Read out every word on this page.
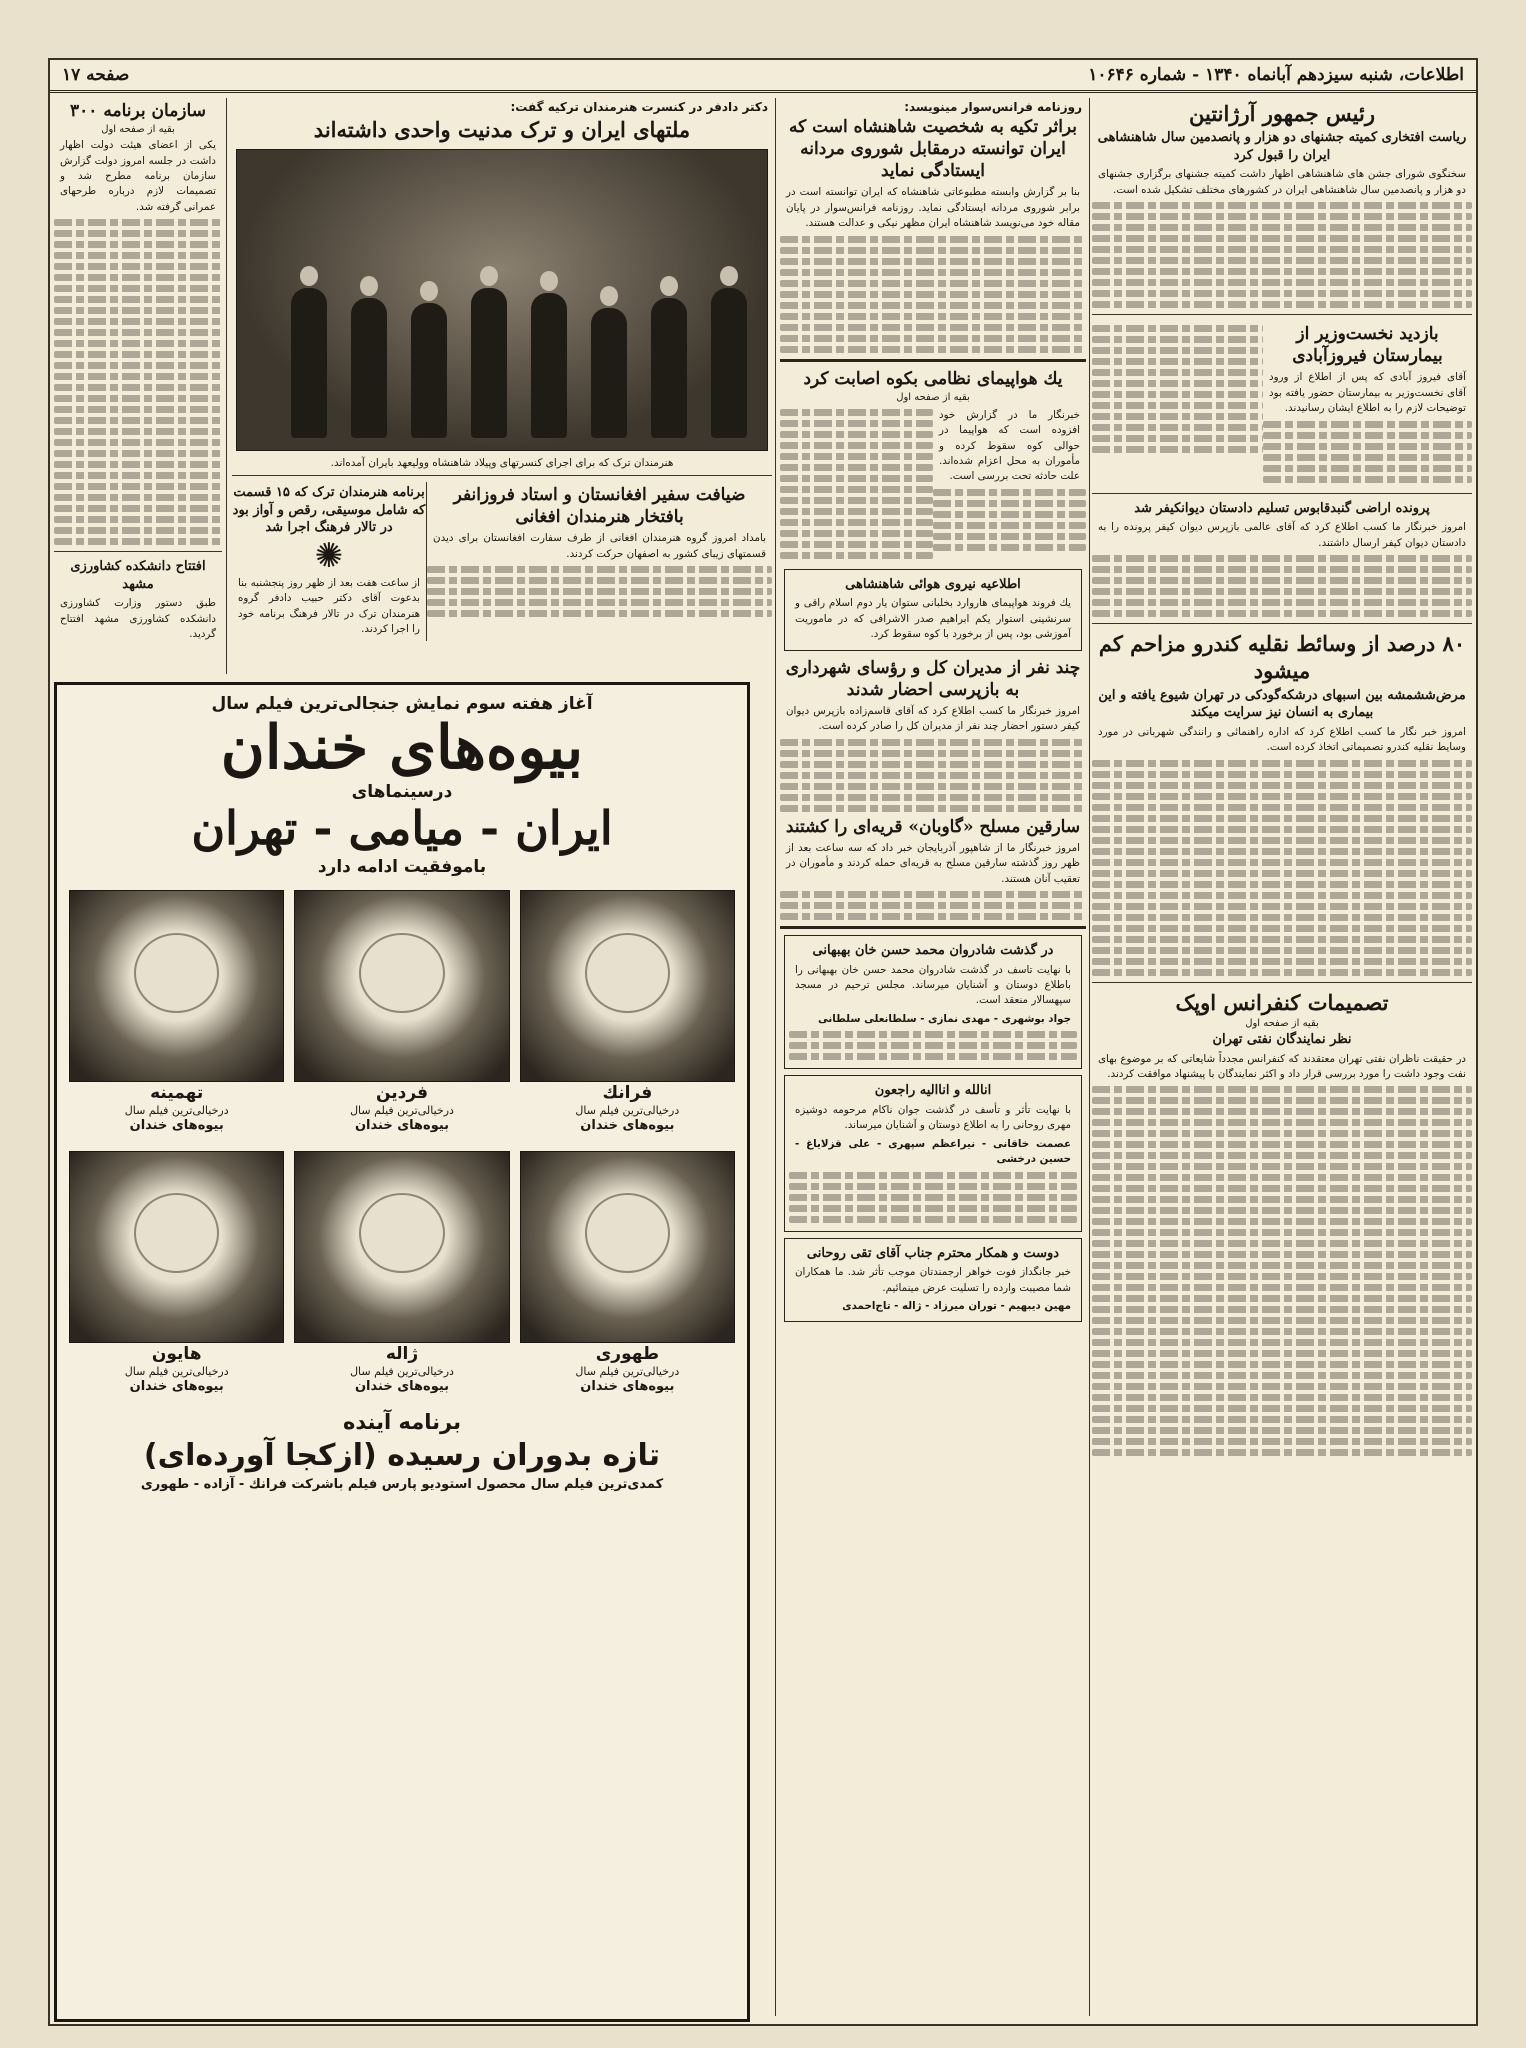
اطلاعات، شنبه سیزدهم آبانماه ۱۳۴۰ - شماره ۱۰۶۴۶
صفحه ۱۷
رئیس جمهور آرژانتین
ریاست افتخاری کمیته جشنهای دو هزار و پانصدمین سال شاهنشاهی ایران را قبول کرد

سخنگوی شورای جشن های شاهنشاهی اظهار داشت کمیته جشنهای برگزاری جشنهای دو هزار و پانصدمین سال شاهنشاهی ایران در کشورهای مختلف تشکیل شده است.

بازدید نخست‌وزیر از بیمارستان فیروزآبادی

آقای فیروز آبادی که پس از اطلاع از ورود آقای نخست‌وزیر به بیمارستان حضور یافته بود توضیحات لازم را به اطلاع ایشان رسانیدند.

پرونده اراضی گنبدقابوس تسلیم دادستان دیوانکیفر شد

امروز خبرنگار ما کسب اطلاع کرد که آقای عالمی بازپرس دیوان کیفر پرونده را به دادستان دیوان کیفر ارسال داشتند.

۸۰ درصد از وسائط نقلیه کندرو مزاحم کم میشود
مرض‌ششمشه بین اسبهای درشکه‌گودکی در تهران شیوع یافته و این بیماری به انسان نیز سرایت میکند

امروز خبر نگار ما کسب اطلاع کرد که اداره راهنمائی و رانندگی شهربانی در مورد وسایط نقلیه کندرو تصمیماتی اتخاذ کرده است.

تصمیمات کنفرانس اوپک

بقیه از صفحه اول

نظر نمایندگان نفتی تهران

در حقیقت ناظران نفتی تهران معتقدند که کنفرانس مجدداً شایعاتی که بر موضوع بهای نفت وجود داشت را مورد بررسی قرار داد و اکثر نمایندگان با پیشنهاد موافقت کردند.

روزنامه فرانس‌سوار مینویسد:

براثر تکیه به شخصیت شاهنشاه است که ایران توانسته درمقابل شوروی مردانه ایستادگی نماید

بنا بر گزارش وابسته مطبوعاتی شاهنشاه که ایران توانسته است در برابر شوروی مردانه ایستادگی نماید. روزنامه فرانس‌سوار در پایان مقاله خود می‌نویسد شاهنشاه ایران مظهر نیکی و عدالت هستند.

یك هواپیمای نظامی بکوه اصابت کرد

بقیه از صفحه اول

خبرنگار ما در گزارش خود افزوده است که هواپیما در حوالی کوه سقوط کرده و مأموران به محل اعزام شده‌اند. علت حادثه تحت بررسی است.

اطلاعیه نیروی هوائی شاهنشاهی

یك فروند هواپیمای هاروارد بخلبانی ستوان یار دوم اسلام راقی و سرنشینی استوار یکم ابراهیم صدر الاشرافی که در ماموریت آموزشی بود، پس از برخورد با کوه سقوط کرد.

چند نفر از مدیران کل و رؤسای شهرداری به بازپرسی احضار شدند

امروز خبرنگار ما کسب اطلاع کرد که آقای قاسم‌زاده بازپرس دیوان کیفر دستور احضار چند نفر از مدیران کل را صادر کرده است.

سارقین مسلح «گاوبان» قریه‌ای را کشتند

امروز خبرنگار ما از شاهپور آذربایجان خبر داد که سه ساعت بعد از ظهر روز گذشته سارقین مسلح به قریه‌ای حمله کردند و مأموران در تعقیب آنان هستند.

در گذشت شادروان محمد حسن خان بهبهانی

با نهایت تاسف در گذشت شادروان محمد حسن خان بهبهانی را باطلاع دوستان و آشنایان میرساند. مجلس ترحیم در مسجد سپهسالار منعقد است.

جواد بوشهری - مهدی نمازی - سلطانعلی سلطانی

انالله و اناالیه راجعون

با نهایت تأثر و تأسف در گذشت جوان ناکام مرحومه دوشیزه مهری روحانی را به اطلاع دوستان و آشنایان میرساند.

عصمت خاقانی - نیراعظم سپهری - علی قزلایاغ - حسین درخشی

دوست و همکار محترم جناب آقای تقی روحانی

خبر جانگداز فوت خواهر ارجمندتان موجب تأثر شد. ما همکاران شما مصیبت وارده را تسلیت عرض مینمائیم.

مهین دیبهیم - توران میرزاد - ژاله - تاج‌احمدی

دکتر دادفر در کنسرت هنرمندان ترکیه گفت:

ملتهای ایران و ترک مدنیت واحدی داشته‌اند

هنرمندان ترک که برای اجرای کنسرتهای وپیلاد شاهنشاه وولیعهد بایران آمده‌اند.

ضیافت سفیر افغانستان و استاد فروزانفر بافتخار هنرمندان افغانی

بامداد امروز گروه هنرمندان افغانی از طرف سفارت افغانستان برای دیدن قسمتهای زیبای کشور به اصفهان حرکت کردند.

برنامه هنرمندان ترک که ۱۵ قسمت که شامل موسیقی، رقص و آواز بود در تالار فرهنگ اجرا شد
✺

از ساعت هفت بعد از ظهر روز پنجشنبه بنا بدعوت آقای دکتر حبیب دادفر گروه هنرمندان ترک در تالار فرهنگ برنامه خود را اجرا کردند.

سازمان برنامه ۳۰۰

بقیه از صفحه اول

یکی از اعضای هیئت دولت اظهار داشت در جلسه امروز دولت گزارش سازمان برنامه مطرح شد و تصمیمات لازم درباره طرحهای عمرانی گرفته شد.

افتتاح دانشکده کشاورزی مشهد

طبق دستور وزارت کشاورزی دانشکده کشاورزی مشهد افتتاح گردید.

آغاز هفته سوم نمایش جنجالی‌ترین فیلم سال

بیوه‌های خندان

درسینماهای

ایران - میامی - تهران

باموفقیت ادامه دارد

فرانك
درخیالی‌ترین فیلم سال
بیوه‌های خندان
فردین
درخیالی‌ترین فیلم سال
بیوه‌های خندان
تهمینه
درخیالی‌ترین فیلم سال
بیوه‌های خندان
طهوری
درخیالی‌ترین فیلم سال
بیوه‌های خندان
ژاله
درخیالی‌ترین فیلم سال
بیوه‌های خندان
هایون
درخیالی‌ترین فیلم سال
بیوه‌های خندان

برنامه آینده

تازه بدوران رسیده (ازکجا آورده‌ای)

کمدی‌ترین فیلم سال محصول استودیو پارس فیلم باشرکت فرانك - آزاده - طهوری
